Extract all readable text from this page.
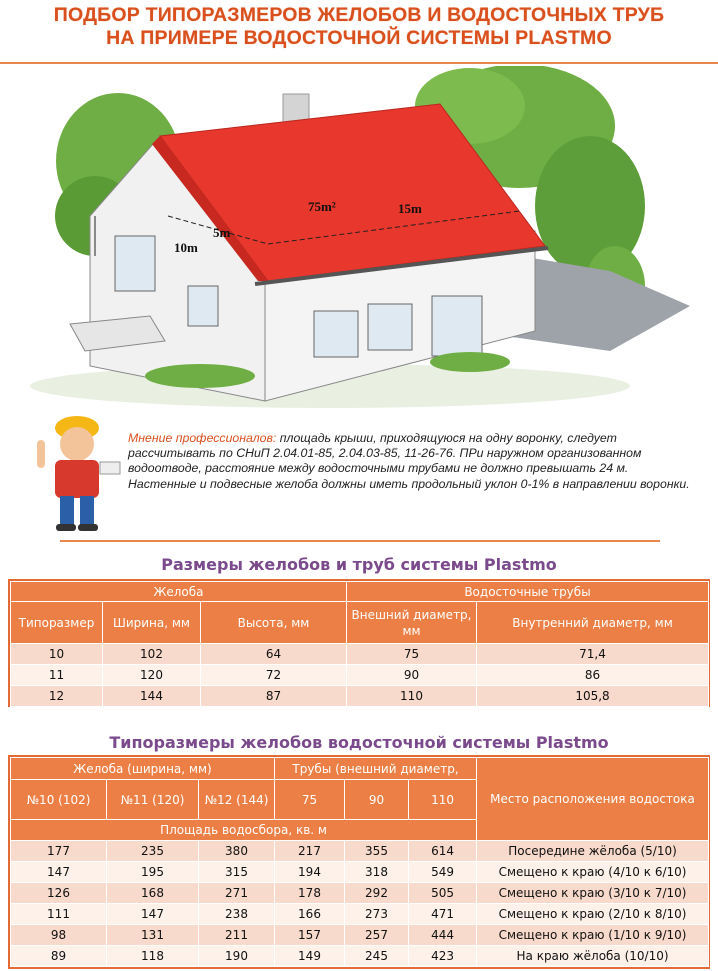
ПОДБОР ТИПОРАЗМЕРОВ ЖЕЛОБОВ И ВОДОСТОЧНЫХ ТРУБ
НА ПРИМЕРЕ ВОДОСТОЧНОЙ СИСТЕМЫ PLASTMO
75m²	15m
5m
10m
Мнение профессионалов: площадь крыши, приходящуюся на одну воронку, следует рассчитывать по СНиП 2.04.01-85, 2.04.03-85, 11-26-76. ПРи наружном организованном водоотводе, расстояние между водосточными трубами не должно превышать 24 м. Настенные и подвесные желоба должны иметь продольный уклон 0-1% в направлении воронки.
Размеры желобов и труб системы Plastmo
Желоба			Водосточные трубы	
Типоразмер	Ширина, мм	Высота, мм	Внешний диаметр, мм	Внутренний диаметр, мм
10	102	64	75	71,4
11	120	72	90	86
12	144	87	110	105,8
Типоразмеры желобов водосточной системы Plastmo
Желоба (ширина, мм)			Трубы (внешний диаметр,			Место расположения водостока
№10 (102)	№11 (120)	№12 (144)	75	90	110	
Площадь водосбора, кв. м						
177	235	380	217	355	614	Посередине жёлоба (5/10)
147	195	315	194	318	549	Смещено к краю (4/10 к 6/10)
126	168	271	178	292	505	Смещено к краю (3/10 к 7/10)
111	147	238	166	273	471	Смещено к краю (2/10 к 8/10)
98	131	211	157	257	444	Смещено к краю (1/10 к 9/10)
89	118	190	149	245	423	На краю жёлоба (10/10)
